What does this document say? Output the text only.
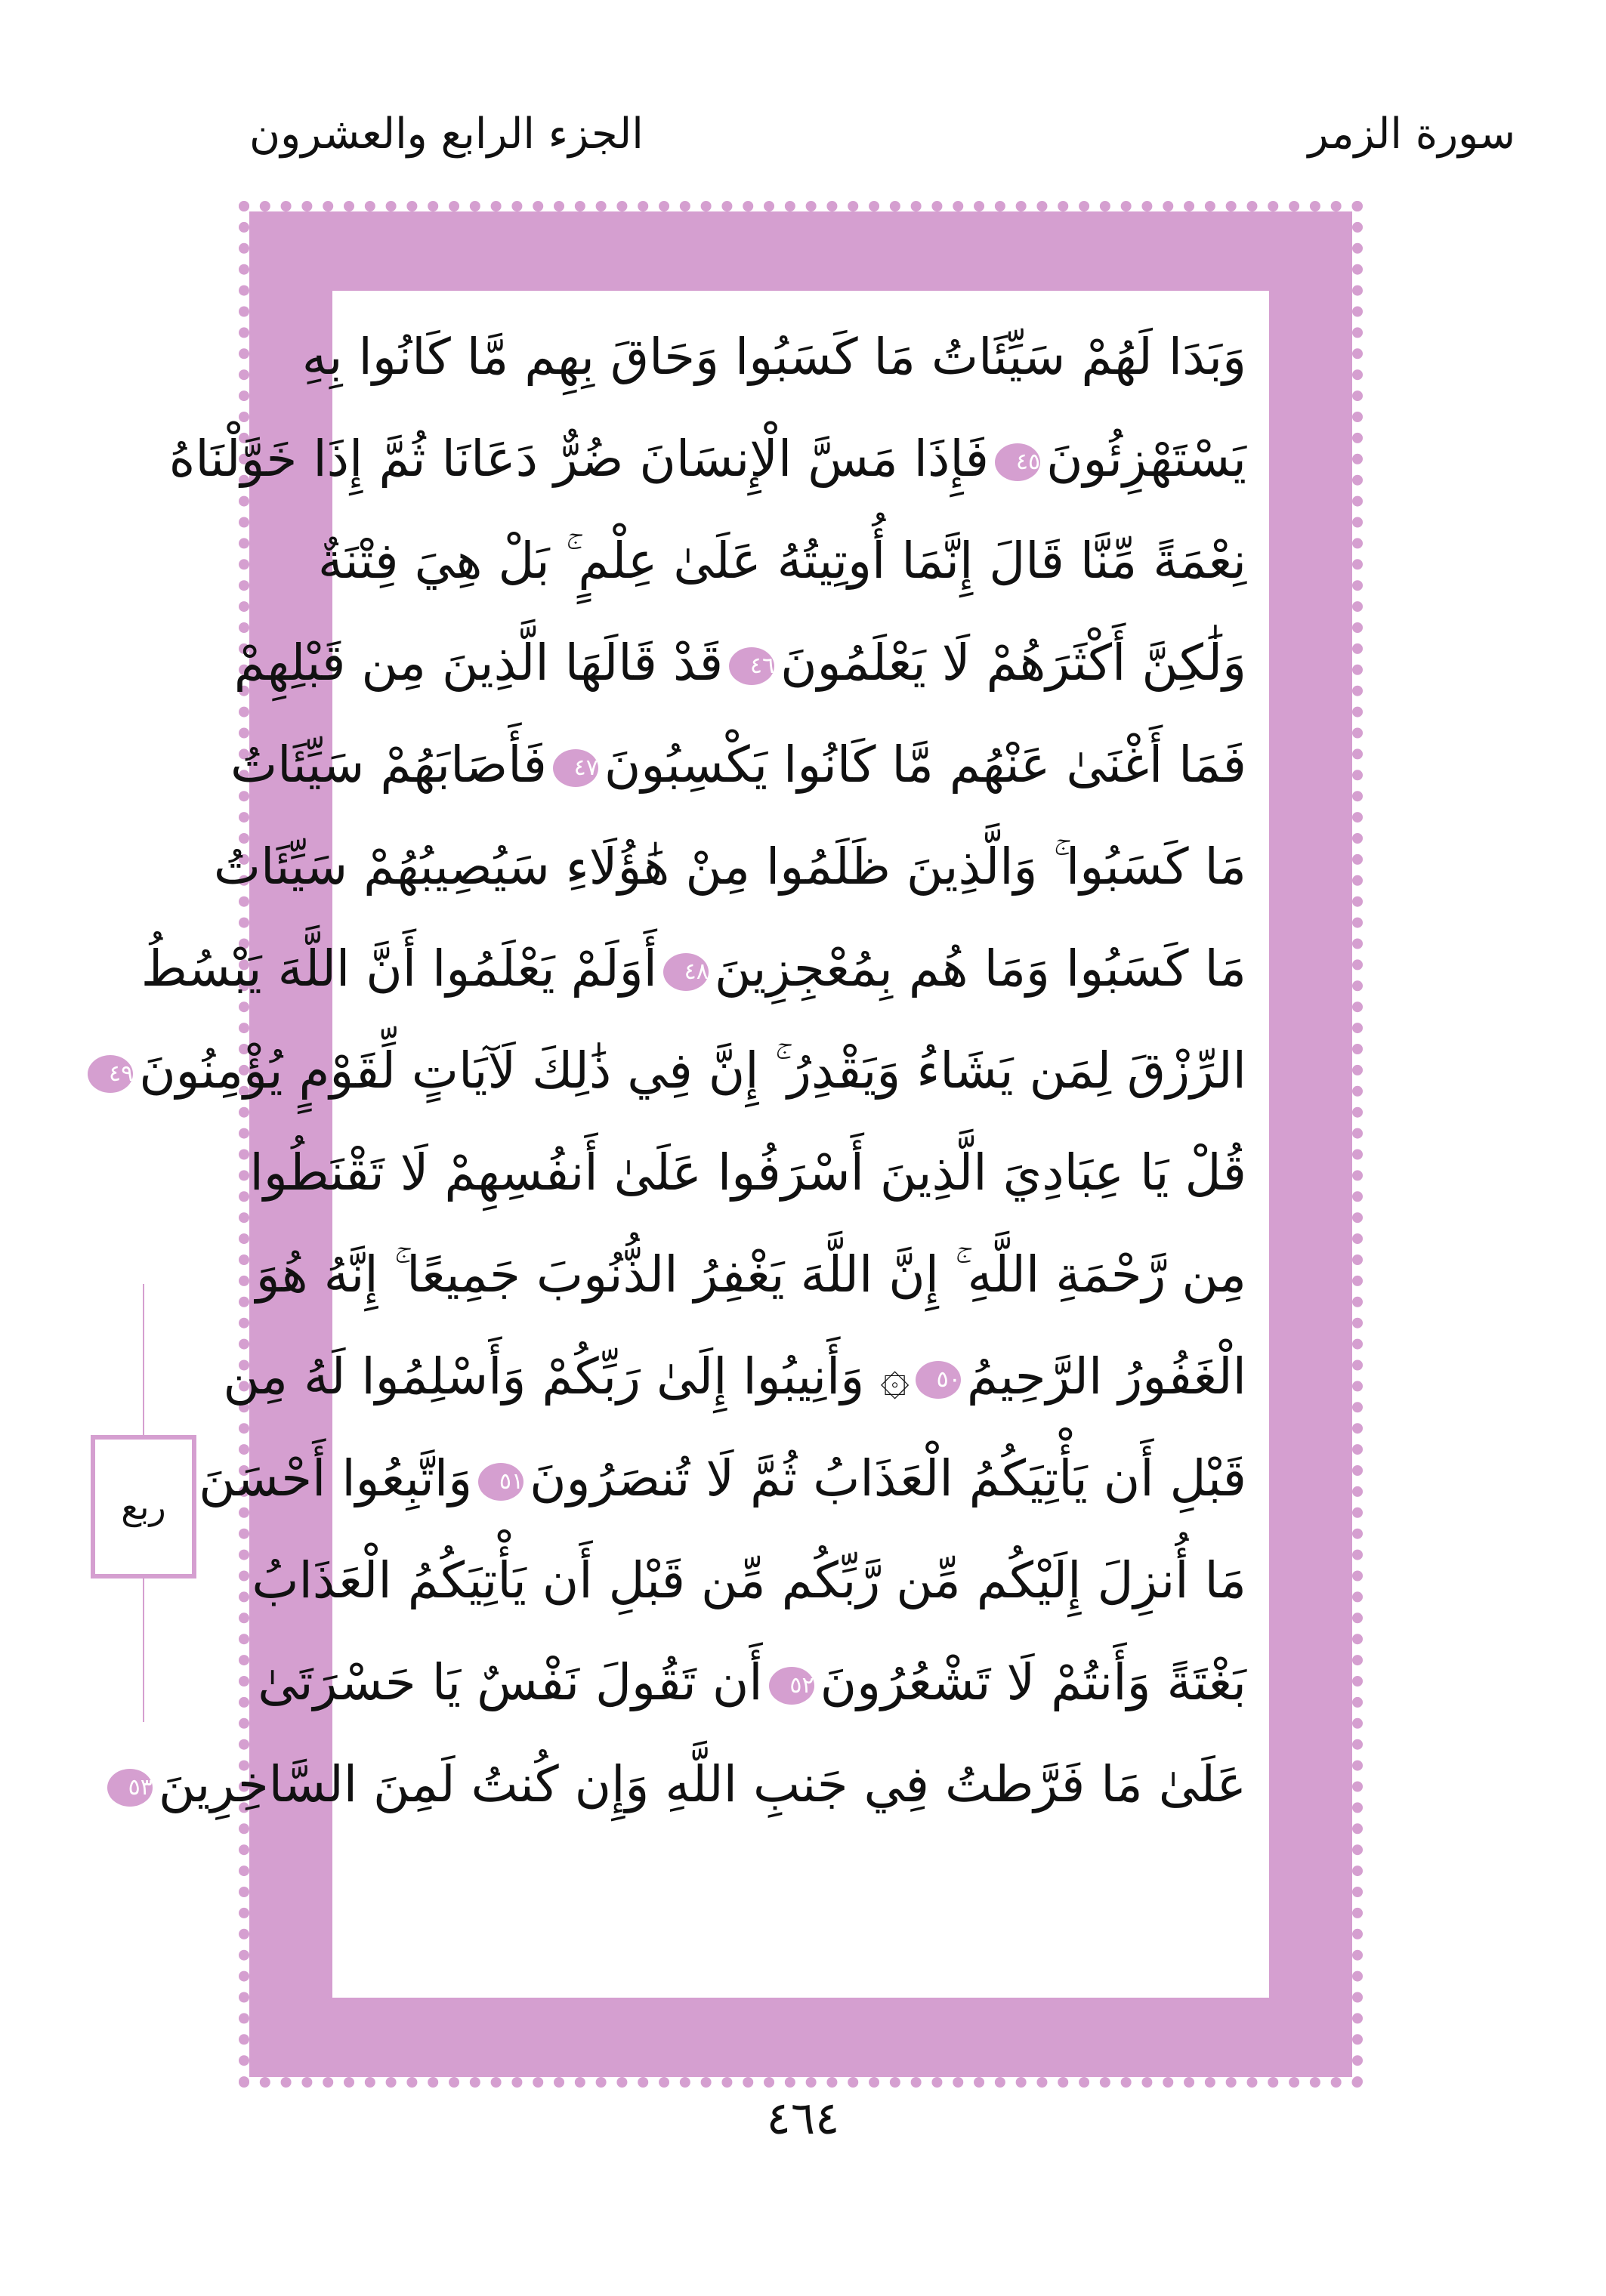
الجزء الرابع والعشرون	سورة الزمر
وَبَدَا لَهُمْ سَيِّئَاتُ مَا كَسَبُوا وَحَاقَ بِهِم مَّا كَانُوا بِهِ
يَسْتَهْزِئُونَ٤٥فَإِذَا مَسَّ الْإِنسَانَ ضُرٌّ دَعَانَا ثُمَّ إِذَا خَوَّلْنَاهُ
نِعْمَةً مِّنَّا قَالَ إِنَّمَا أُوتِيتُهُ عَلَىٰ عِلْمٍ ۚ بَلْ هِيَ فِتْنَةٌ
وَلَٰكِنَّ أَكْثَرَهُمْ لَا يَعْلَمُونَ٤٦قَدْ قَالَهَا الَّذِينَ مِن قَبْلِهِمْ
فَمَا أَغْنَىٰ عَنْهُم مَّا كَانُوا يَكْسِبُونَ٤٧فَأَصَابَهُمْ سَيِّئَاتُ
مَا كَسَبُوا ۚ وَالَّذِينَ ظَلَمُوا مِنْ هَٰؤُلَاءِ سَيُصِيبُهُمْ سَيِّئَاتُ
مَا كَسَبُوا وَمَا هُم بِمُعْجِزِينَ٤٨أَوَلَمْ يَعْلَمُوا أَنَّ اللَّهَ يَبْسُطُ
الرِّزْقَ لِمَن يَشَاءُ وَيَقْدِرُ ۚ إِنَّ فِي ذَٰلِكَ لَآيَاتٍ لِّقَوْمٍ يُؤْمِنُونَ٤٩
قُلْ يَا عِبَادِيَ الَّذِينَ أَسْرَفُوا عَلَىٰ أَنفُسِهِمْ لَا تَقْنَطُوا
مِن رَّحْمَةِ اللَّهِ ۚ إِنَّ اللَّهَ يَغْفِرُ الذُّنُوبَ جَمِيعًا ۚ إِنَّهُ هُوَ
الْغَفُورُ الرَّحِيمُ٥٠۞ وَأَنِيبُوا إِلَىٰ رَبِّكُمْ وَأَسْلِمُوا لَهُ مِن
قَبْلِ أَن يَأْتِيَكُمُ الْعَذَابُ ثُمَّ لَا تُنصَرُونَ٥١وَاتَّبِعُوا أَحْسَنَ
مَا أُنزِلَ إِلَيْكُم مِّن رَّبِّكُم مِّن قَبْلِ أَن يَأْتِيَكُمُ الْعَذَابُ
بَغْتَةً وَأَنتُمْ لَا تَشْعُرُونَ٥٢أَن تَقُولَ نَفْسٌ يَا حَسْرَتَىٰ
عَلَىٰ مَا فَرَّطتُ فِي جَنبِ اللَّهِ وَإِن كُنتُ لَمِنَ السَّاخِرِينَ٥٣
ربع
٤٦٤
